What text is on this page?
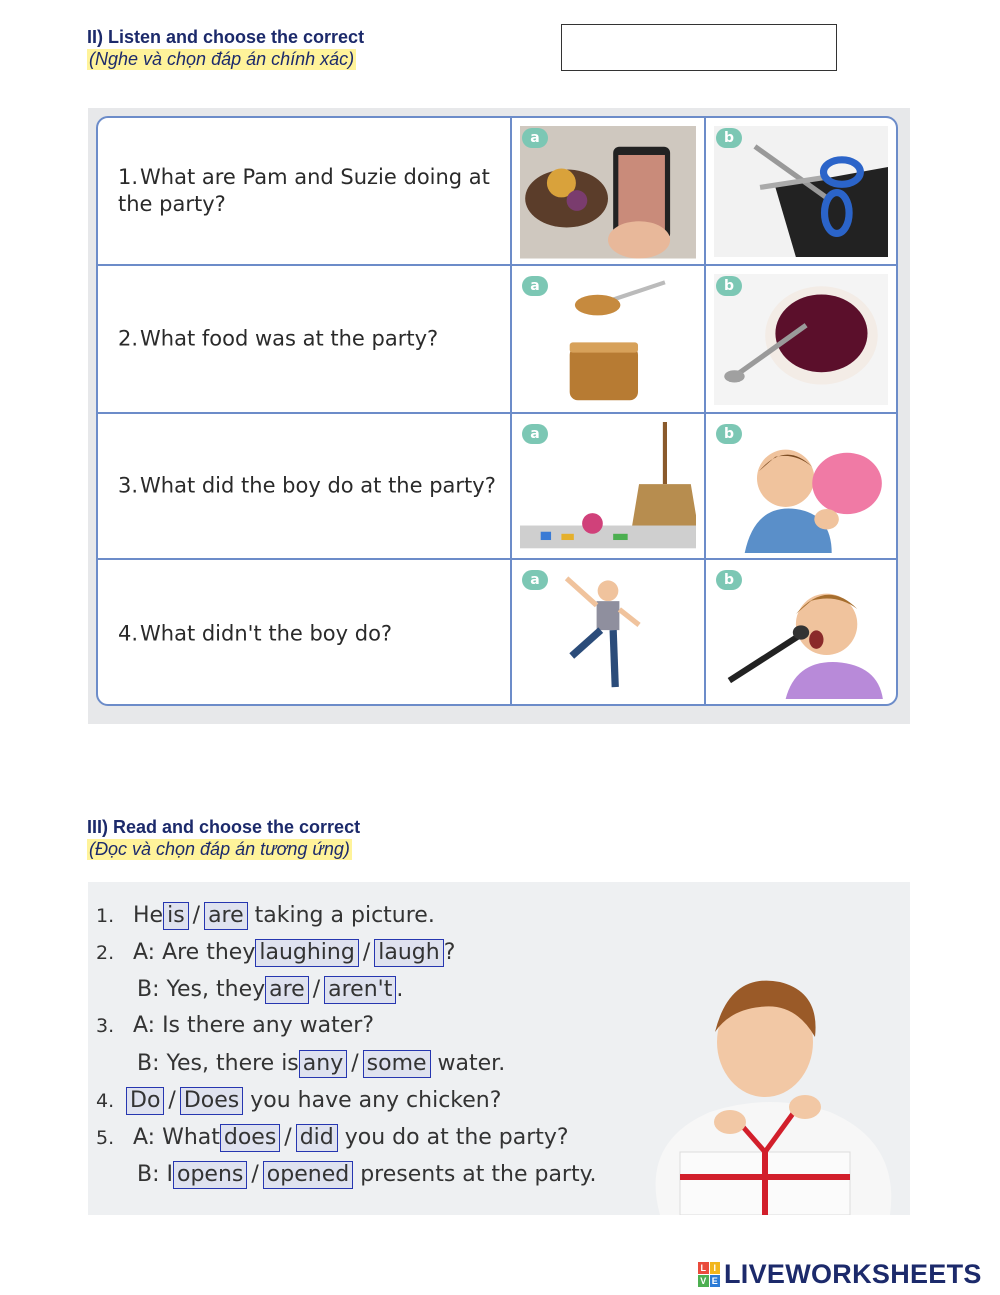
II) Listen and choose the correct
(Nghe và chọn đáp án chính xác)
1.What are Pam and Suzie doing at the party?
a	b
2.What food was at the party?
a	b
3.What did the boy do at the party?
a	b
4.What didn't the boy do?
a	b
III) Read and choose the correct
(Đọc và chọn đáp án tương ứng)
1. He is / are taking a picture.
2. A: Are they laughing / laugh ?
B: Yes, they are / aren't .
3. A: Is there any water?
B: Yes, there is any / some water.
4. Do / Does you have any chicken?
5. A: What does / did you do at the party?
B: I opens / opened presents at the party.
L I
V E LIVEWORKSHEETS
